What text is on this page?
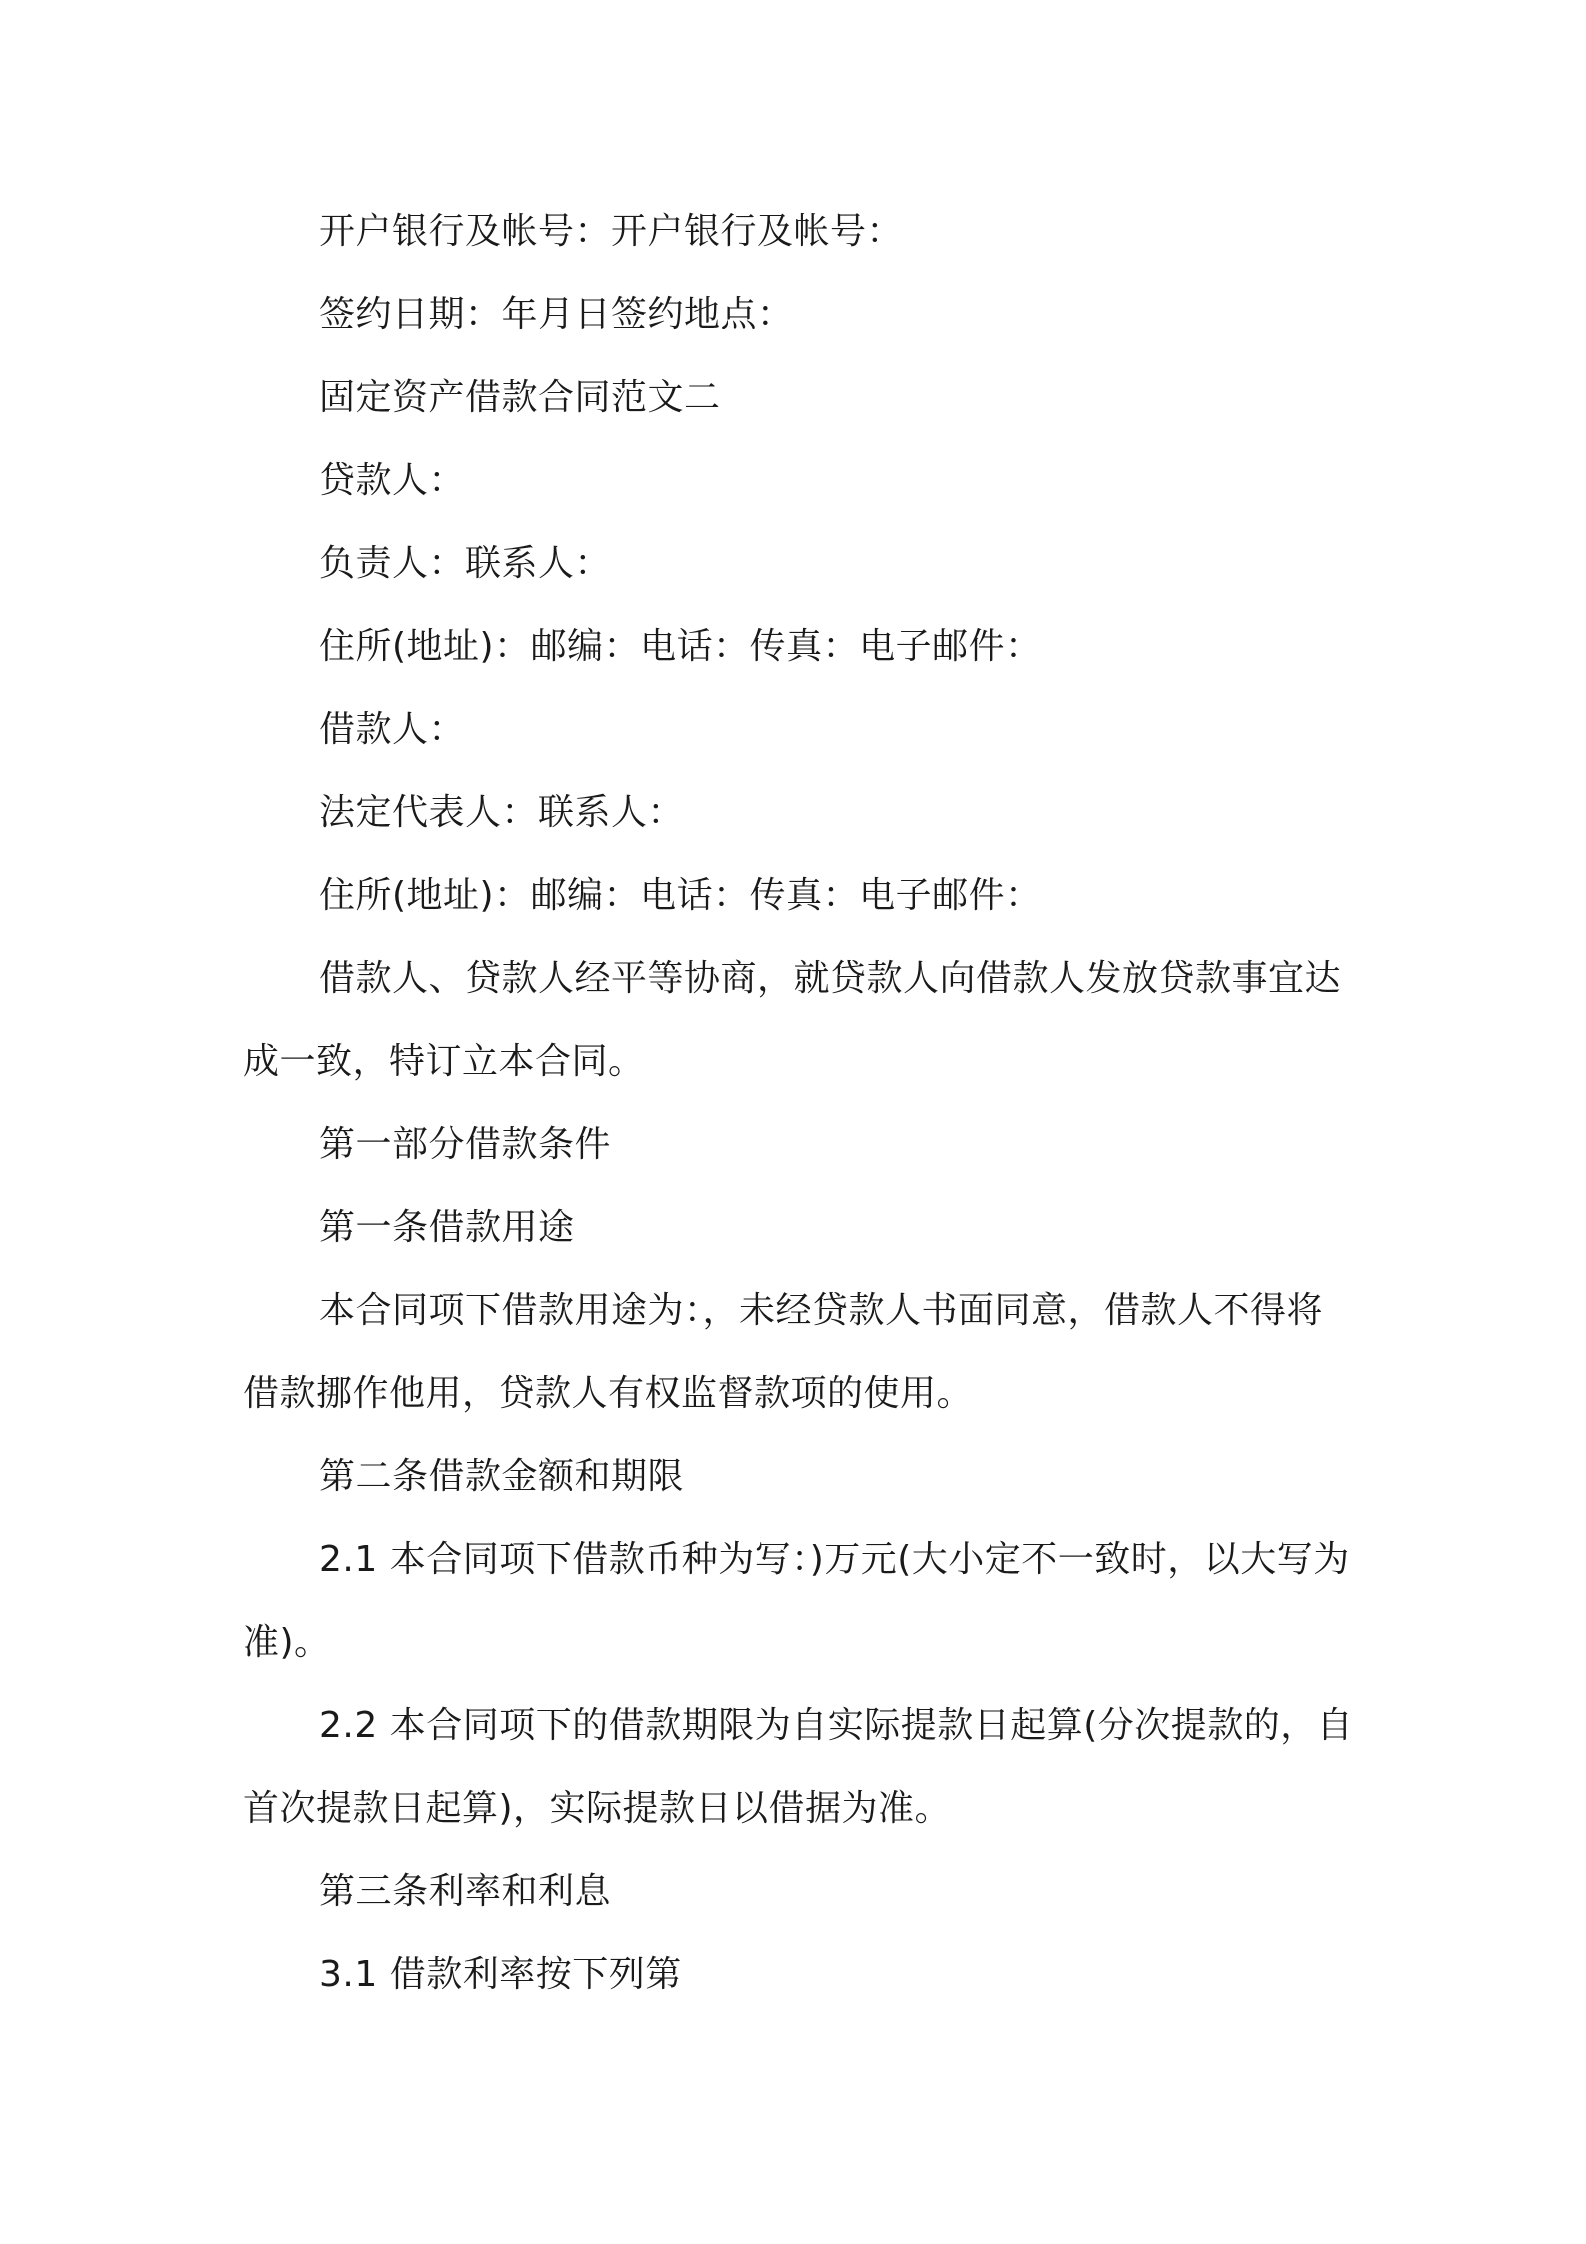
开户银行及帐号：开户银行及帐号：

签约日期：年月日签约地点：

固定资产借款合同范文二

贷款人：

负责人：联系人：

住所(地址)：邮编：电话：传真：电子邮件：

借款人：

法定代表人：联系人：

住所(地址)：邮编：电话：传真：电子邮件：

借款人、贷款人经平等协商，就贷款人向借款人发放贷款事宜达成一致，特订立本合同。

第一部分借款条件

第一条借款用途

本合同项下借款用途为：，未经贷款人书面同意，借款人不得将借款挪作他用，贷款人有权监督款项的使用。

第二条借款金额和期限

2.1 本合同项下借款币种为写：)万元(大小定不一致时，以大写为准)。

2.2 本合同项下的借款期限为自实际提款日起算(分次提款的，自首次提款日起算)，实际提款日以借据为准。

第三条利率和利息

3.1 借款利率按下列第
